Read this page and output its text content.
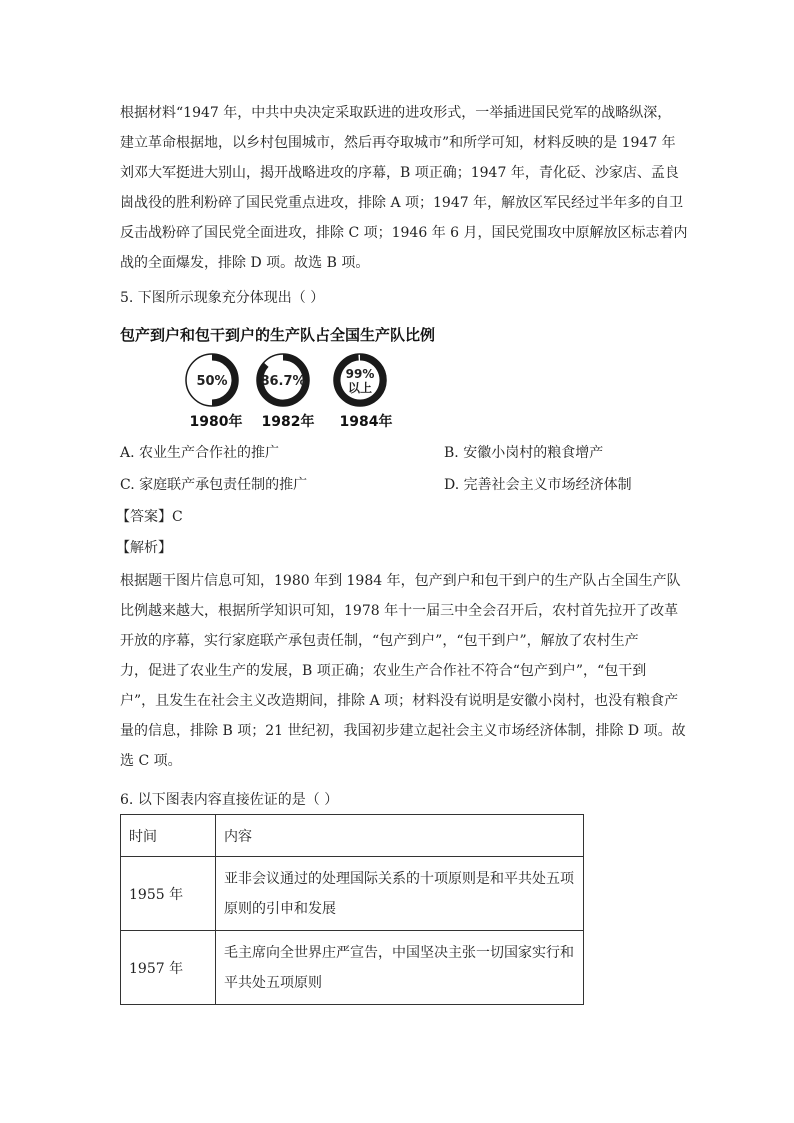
根据材料“1947 年，中共中央决定采取跃进的进攻形式，一举插进国民党军的战略纵深，
建立革命根据地，以乡村包围城市，然后再夺取城市”和所学可知，材料反映的是 1947 年
刘邓大军挺进大别山，揭开战略进攻的序幕，B 项正确；1947 年，青化砭、沙家店、孟良
崮战役的胜利粉碎了国民党重点进攻，排除 A 项；1947 年，解放区军民经过半年多的自卫
反击战粉碎了国民党全面进攻，排除 C 项；1946 年 6 月，国民党围攻中原解放区标志着内
战的全面爆发，排除 D 项。故选 B 项。
5. 下图所示现象充分体现出（ ）
包产到户和包干到户的生产队占全国生产队比例
50%
1980年
86.7%
1982年
99%
以上
1984年
A. 农业生产合作社的推广	B. 安徽小岗村的粮食增产
C. 家庭联产承包责任制的推广	D. 完善社会主义市场经济体制
【答案】C
【解析】
根据题干图片信息可知，1980 年到 1984 年，包产到户和包干到户的生产队占全国生产队
比例越来越大，根据所学知识可知，1978 年十一届三中全会召开后，农村首先拉开了改革
开放的序幕，实行家庭联产承包责任制，“包产到户”，“包干到户”，解放了农村生产
力，促进了农业生产的发展，B 项正确；农业生产合作社不符合“包产到户”，“包干到
户”，且发生在社会主义改造期间，排除 A 项；材料没有说明是安徽小岗村，也没有粮食产
量的信息，排除 B 项；21 世纪初，我国初步建立起社会主义市场经济体制，排除 D 项。故
选 C 项。
6. 以下图表内容直接佐证的是（ ）
时间	内容
1955 年	亚非会议通过的处理国际关系的十项原则是和平共处五项
原则的引申和发展

1957 年	毛主席向全世界庄严宣告，中国坚决主张一切国家实行和
平共处五项原则
